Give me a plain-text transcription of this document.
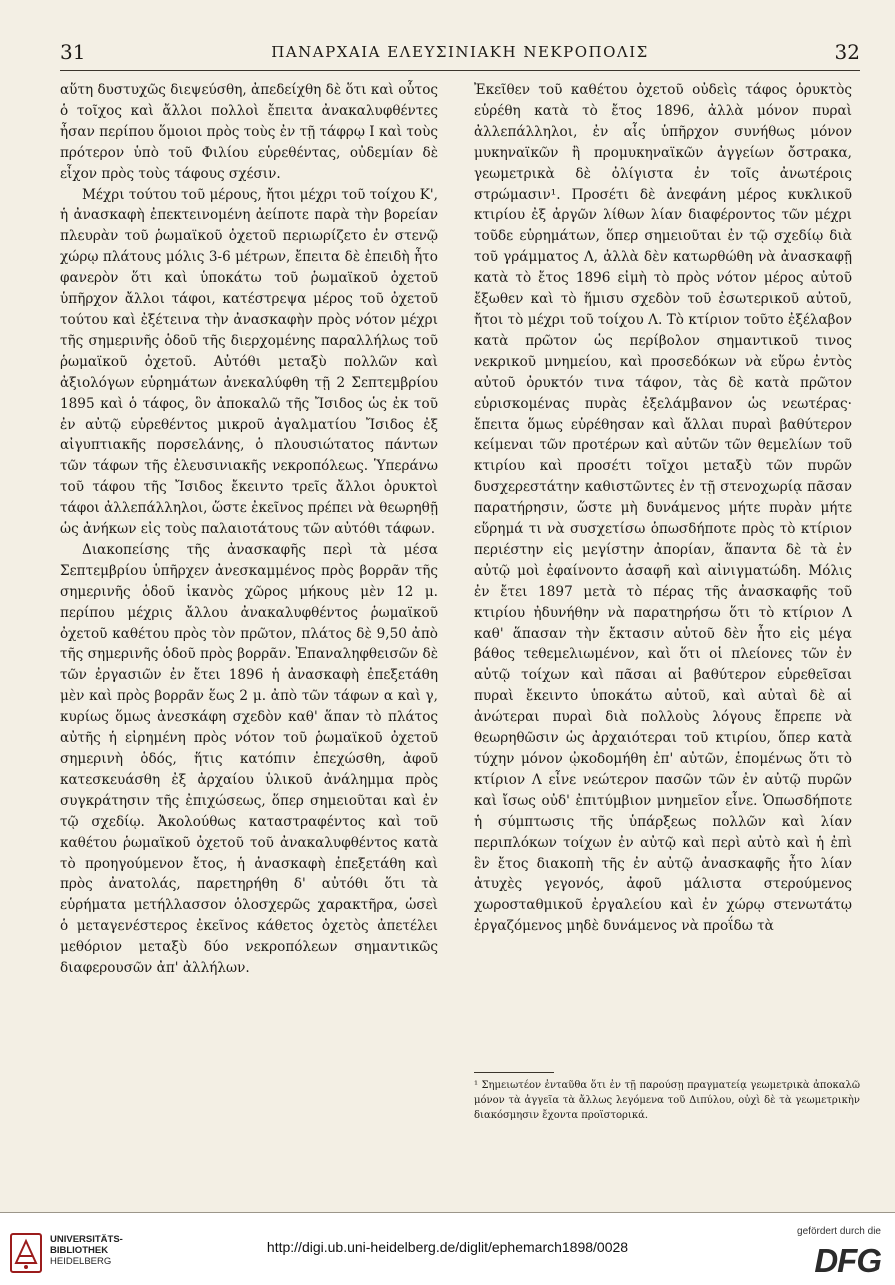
31	ΠΑΝΑΡΧΑΙΑ ΕΛΕΥΣΙΝΙΑΚΗ ΝΕΚΡΟΠΟΛΙΣ	32

αὕτη δυστυχῶς διεψεύσθη, ἀπεδείχθη δὲ ὅτι καὶ οὗτος ὁ τοῖχος καὶ ἄλλοι πολλοὶ ἔπειτα ἀνακαλυφθέντες ἦσαν περίπου ὅμοιοι πρὸς τοὺς ἐν τῇ τάφρῳ Ι καὶ τοὺς πρότερον ὑπὸ τοῦ Φιλίου εὑρεθέντας, οὐδεμίαν δὲ εἶχον πρὸς τοὺς τάφους σχέσιν.

Μέχρι τούτου τοῦ μέρους, ἤτοι μέχρι τοῦ τοίχου Κ', ἡ ἀνασκαφὴ ἐπεκτεινομένη ἀείποτε παρὰ τὴν βορείαν πλευρὰν τοῦ ῥωμαϊκοῦ ὀχετοῦ περιωρίζετο ἐν στενῷ χώρῳ πλάτους μόλις 3-6 μέτρων, ἔπειτα δὲ ἐπειδὴ ἦτο φανερὸν ὅτι καὶ ὑποκάτω τοῦ ῥωμαϊκοῦ ὀχετοῦ ὑπῆρχον ἄλλοι τάφοι, κατέστρεψα μέρος τοῦ ὀχετοῦ τούτου καὶ ἐξέτεινα τὴν ἀνασκαφὴν πρὸς νότον μέχρι τῆς σημερινῆς ὁδοῦ τῆς διερχομένης παραλλήλως τοῦ ῥωμαϊκοῦ ὀχετοῦ. Αὐτόθι μεταξὺ πολλῶν καὶ ἀξιολόγων εὑρημάτων ἀνεκαλύφθη τῇ 2 Σεπτεμβρίου 1895 καὶ ὁ τάφος, ὃν ἀποκαλῶ τῆς Ἴσιδος ὡς ἐκ τοῦ ἐν αὐτῷ εὑρεθέντος μικροῦ ἀγαλματίου Ἴσιδος ἐξ αἰγυπτιακῆς πορσελάνης, ὁ πλουσιώτατος πάντων τῶν τάφων τῆς ἐλευσινιακῆς νεκροπόλεως. Ὑπεράνω τοῦ τάφου τῆς Ἴσιδος ἔκειντο τρεῖς ἄλλοι ὀρυκτοὶ τάφοι ἀλλεπάλληλοι, ὥστε ἐκεῖνος πρέπει νὰ θεωρηθῇ ὡς ἀνήκων εἰς τοὺς παλαιοτάτους τῶν αὐτόθι τάφων.

Διακοπείσης τῆς ἀνασκαφῆς περὶ τὰ μέσα Σεπτεμβρίου ὑπῆρχεν ἀνεσκαμμένος πρὸς βορρᾶν τῆς σημερινῆς ὁδοῦ ἱκανὸς χῶρος μήκους μὲν 12 μ. περίπου μέχρις ἄλλου ἀνακαλυφθέντος ῥωμαϊκοῦ ὀχετοῦ καθέτου πρὸς τὸν πρῶτον, πλάτος δὲ 9,50 ἀπὸ τῆς σημερινῆς ὁδοῦ πρὸς βορρᾶν. Ἐπαναληφθεισῶν δὲ τῶν ἐργασιῶν ἐν ἔτει 1896 ἡ ἀνασκαφὴ ἐπεξετάθη μὲν καὶ πρὸς βορρᾶν ἕως 2 μ. ἀπὸ τῶν τάφων α καὶ γ, κυρίως ὅμως ἀνεσκάφη σχεδὸν καθ' ἅπαν τὸ πλάτος αὐτῆς ἡ εἰρημένη πρὸς νότον τοῦ ῥωμαϊκοῦ ὀχετοῦ σημερινὴ ὁδός, ἥτις κατόπιν ἐπεχώσθη, ἀφοῦ κατεσκευάσθη ἐξ ἀρχαίου ὑλικοῦ ἀνάλημμα πρὸς συγκράτησιν τῆς ἐπιχώσεως, ὅπερ σημειοῦται καὶ ἐν τῷ σχεδίῳ. Ἀκολούθως καταστραφέντος καὶ τοῦ καθέτου ῥωμαϊκοῦ ὀχετοῦ τοῦ ἀνακαλυφθέντος κατὰ τὸ προηγούμενον ἔτος, ἡ ἀνασκαφὴ ἐπεξετάθη καὶ πρὸς ἀνατολάς, παρετηρήθη δ' αὐτόθι ὅτι τὰ εὑρήματα μετήλλασσον ὁλοσχερῶς χαρακτῆρα, ὡσεὶ ὁ μεταγενέστερος ἐκεῖνος κάθετος ὀχετὸς ἀπετέλει μεθόριον μεταξὺ δύο νεκροπόλεων σημαντικῶς διαφερουσῶν ἀπ' ἀλλήλων.

Ἐκεῖθεν τοῦ καθέτου ὀχετοῦ οὐδεὶς τάφος ὀρυκτὸς εὑρέθη κατὰ τὸ ἔτος 1896, ἀλλὰ μόνον πυραὶ ἀλλεπάλληλοι, ἐν αἷς ὑπῆρχον συνήθως μόνον μυκηναϊκῶν ἢ προμυκηναϊκῶν ἀγγείων ὄστρακα, γεωμετρικὰ δὲ ὀλίγιστα ἐν τοῖς ἀνωτέροις στρώμασιν¹. Προσέτι δὲ ἀνεφάνη μέρος κυκλικοῦ κτιρίου ἐξ ἀργῶν λίθων λίαν διαφέροντος τῶν μέχρι τοῦδε εὑρημάτων, ὅπερ σημειοῦται ἐν τῷ σχεδίῳ διὰ τοῦ γράμματος Λ, ἀλλὰ δὲν κατωρθώθη νὰ ἀνασκαφῇ κατὰ τὸ ἔτος 1896 εἰμὴ τὸ πρὸς νότον μέρος αὐτοῦ ἔξωθεν καὶ τὸ ἥμισυ σχεδὸν τοῦ ἐσωτερικοῦ αὐτοῦ, ἤτοι τὸ μέχρι τοῦ τοίχου Λ. Τὸ κτίριον τοῦτο ἐξέλαβον κατὰ πρῶτον ὡς περίβολον σημαντικοῦ τινος νεκρικοῦ μνημείου, καὶ προσεδόκων νὰ εὕρω ἐντὸς αὐτοῦ ὀρυκτόν τινα τάφον, τὰς δὲ κατὰ πρῶτον εὑρισκομένας πυρὰς ἐξελάμβανον ὡς νεωτέρας· ἔπειτα ὅμως εὑρέθησαν καὶ ἄλλαι πυραὶ βαθύτερον κείμεναι τῶν προτέρων καὶ αὐτῶν τῶν θεμελίων τοῦ κτιρίου καὶ προσέτι τοῖχοι μεταξὺ τῶν πυρῶν δυσχερεστάτην καθιστῶντες ἐν τῇ στενοχωρίᾳ πᾶσαν παρατήρησιν, ὥστε μὴ δυνάμενος μήτε πυρὰν μήτε εὕρημά τι νὰ συσχετίσω ὁπωσδήποτε πρὸς τὸ κτίριον περιέστην εἰς μεγίστην ἀπορίαν, ἅπαντα δὲ τὰ ἐν αὐτῷ μοὶ ἐφαίνοντο ἀσαφῆ καὶ αἰνιγματώδη. Μόλις ἐν ἔτει 1897 μετὰ τὸ πέρας τῆς ἀνασκαφῆς τοῦ κτιρίου ἠδυνήθην νὰ παρατηρήσω ὅτι τὸ κτίριον Λ καθ' ἅπασαν τὴν ἔκτασιν αὐτοῦ δὲν ἦτο εἰς μέγα βάθος τεθεμελιωμένον, καὶ ὅτι οἱ πλείονες τῶν ἐν αὐτῷ τοίχων καὶ πᾶσαι αἱ βαθύτερον εὑρεθεῖσαι πυραὶ ἔκειντο ὑποκάτω αὐτοῦ, καὶ αὐταὶ δὲ αἱ ἀνώτεραι πυραὶ διὰ πολλοὺς λόγους ἔπρεπε νὰ θεωρηθῶσιν ὡς ἀρχαιότεραι τοῦ κτιρίου, ὅπερ κατὰ τύχην μόνον ᾠκοδομήθη ἐπ' αὐτῶν, ἑπομένως ὅτι τὸ κτίριον Λ εἶνε νεώτερον πασῶν τῶν ἐν αὐτῷ πυρῶν καὶ ἴσως οὐδ' ἐπιτύμβιον μνημεῖον εἶνε. Ὁπωσδήποτε ἡ σύμπτωσις τῆς ὑπάρξεως πολλῶν καὶ λίαν περιπλόκων τοίχων ἐν αὐτῷ καὶ περὶ αὐτὸ καὶ ἡ ἐπὶ ἓν ἔτος διακοπὴ τῆς ἐν αὐτῷ ἀνασκαφῆς ἦτο λίαν ἀτυχὲς γεγονός, ἀφοῦ μάλιστα στερούμενος χωροσταθμικοῦ ἐργαλείου καὶ ἐν χώρῳ στενωτάτῳ ἐργαζόμενος μηδὲ δυνάμενος νὰ προΐδω τὰ

¹ Σημειωτέον ἐνταῦθα ὅτι ἐν τῇ παρούσῃ πραγματείᾳ γεωμετρικὰ ἀποκαλῶ μόνον τὰ ἀγγεῖα τὰ ἄλλως λεγόμενα τοῦ Διπύλου, οὐχὶ δὲ τὰ γεωμετρικὴν διακόσμησιν ἔχοντα προϊστορικά.
UNIVERSITÄTS-
BIBLIOTHEK
HEIDELBERG
http://digi.ub.uni-heidelberg.de/diglit/ephemarch1898/0028
gefördert durch die
DFG
